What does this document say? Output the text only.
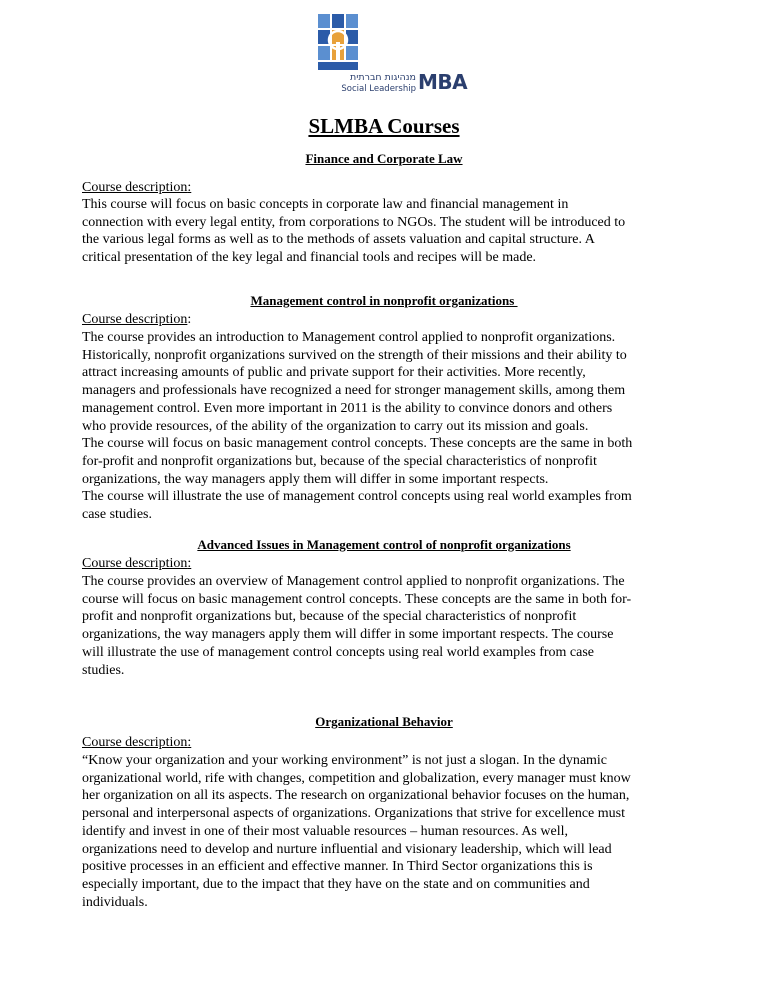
מנהיגות חברתית
Social Leadership MBA
SLMBA Courses
Finance and Corporate Law
Course description:
This course will focus on basic concepts in corporate law and financial management in
connection with every legal entity, from corporations to NGOs. The student will be introduced to
the various legal forms as well as to the methods of assets valuation and capital structure. A
critical presentation of the key legal and financial tools and recipes will be made.
Management control in nonprofit organizations
Course description:
The course provides an introduction to Management control applied to nonprofit organizations.
Historically, nonprofit organizations survived on the strength of their missions and their ability to
attract increasing amounts of public and private support for their activities. More recently,
managers and professionals have recognized a need for stronger management skills, among them
management control. Even more important in 2011 is the ability to convince donors and others
who provide resources, of the ability of the organization to carry out its mission and goals.
The course will focus on basic management control concepts. These concepts are the same in both
for-profit and nonprofit organizations but, because of the special characteristics of nonprofit
organizations, the way managers apply them will differ in some important respects.
The course will illustrate the use of management control concepts using real world examples from
case studies.
Advanced Issues in Management control of nonprofit organizations
Course description:
The course provides an overview of Management control applied to nonprofit organizations. The
course will focus on basic management control concepts. These concepts are the same in both for-
profit and nonprofit organizations but, because of the special characteristics of nonprofit
organizations, the way managers apply them will differ in some important respects. The course
will illustrate the use of management control concepts using real world examples from case
studies.
Organizational Behavior
Course description:
“Know your organization and your working environment” is not just a slogan. In the dynamic
organizational world, rife with changes, competition and globalization, every manager must know
her organization on all its aspects. The research on organizational behavior focuses on the human,
personal and interpersonal aspects of organizations. Organizations that strive for excellence must
identify and invest in one of their most valuable resources – human resources. As well,
organizations need to develop and nurture influential and visionary leadership, which will lead
positive processes in an efficient and effective manner. In Third Sector organizations this is
especially important, due to the impact that they have on the state and on communities and
individuals.
